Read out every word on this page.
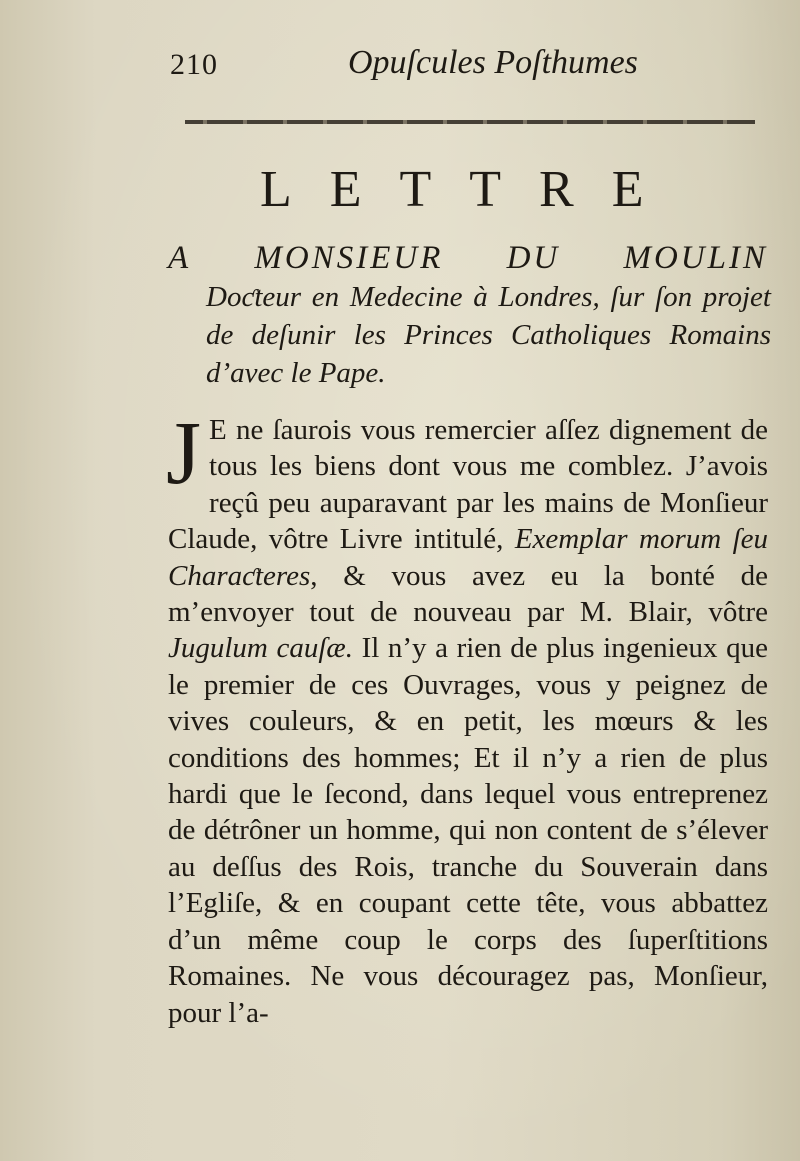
210	Opuſcules Poſthumes
LETTRE
A MONSIEUR DU MOULIN
Doƈteur en Medecine à Londres, ſur ſon projet de deſunir les Princes Catholiques Romains d’avec le Pape.
J E ne ſaurois vous remercier aſſez dignement de tous les biens dont vous me comblez. J’avois reçû peu auparavant par les mains de Monſieur Claude, vôtre Livre intitulé, Exemplar morum ſeu Charaƈteres, & vous avez eu la bonté de m’envoyer tout de nouveau par M. Blair, vôtre Jugulum cauſæ. Il n’y a rien de plus ingenieux que le premier de ces Ouvrages, vous y peignez de vives couleurs, & en petit, les mœurs & les conditions des hommes; Et il n’y a rien de plus hardi que le ſecond, dans lequel vous entreprenez de détrôner un homme, qui non content de s’élever au deſſus des Rois, tranche du Souverain dans l’Egliſe, & en coupant cette tête, vous abbattez d’un même coup le corps des ſuperſtitions Romaines. Ne vous découragez pas, Monſieur, pour l’a-
